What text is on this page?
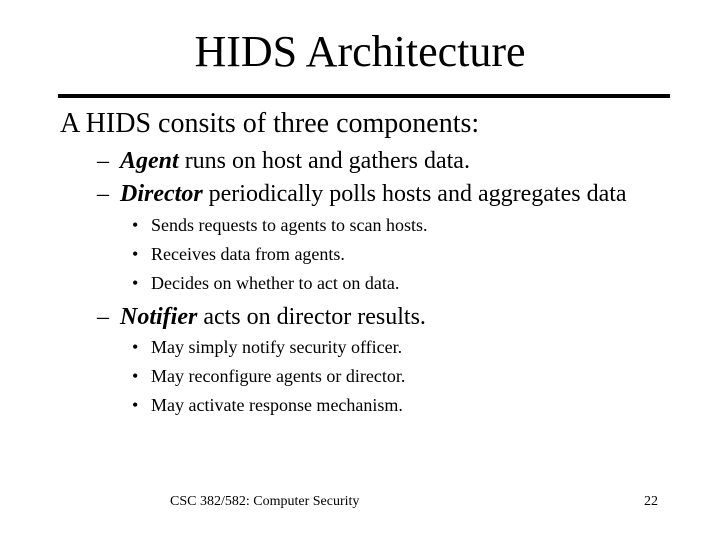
HIDS Architecture
A HIDS consits of three components:
– Agent runs on host and gathers data.
– Director periodically polls hosts and aggregates data
• Sends requests to agents to scan hosts.
• Receives data from agents.
• Decides on whether to act on data.
– Notifier acts on director results.
• May simply notify security officer.
• May reconfigure agents or director.
• May activate response mechanism.
CSC 382/582: Computer Security	22
